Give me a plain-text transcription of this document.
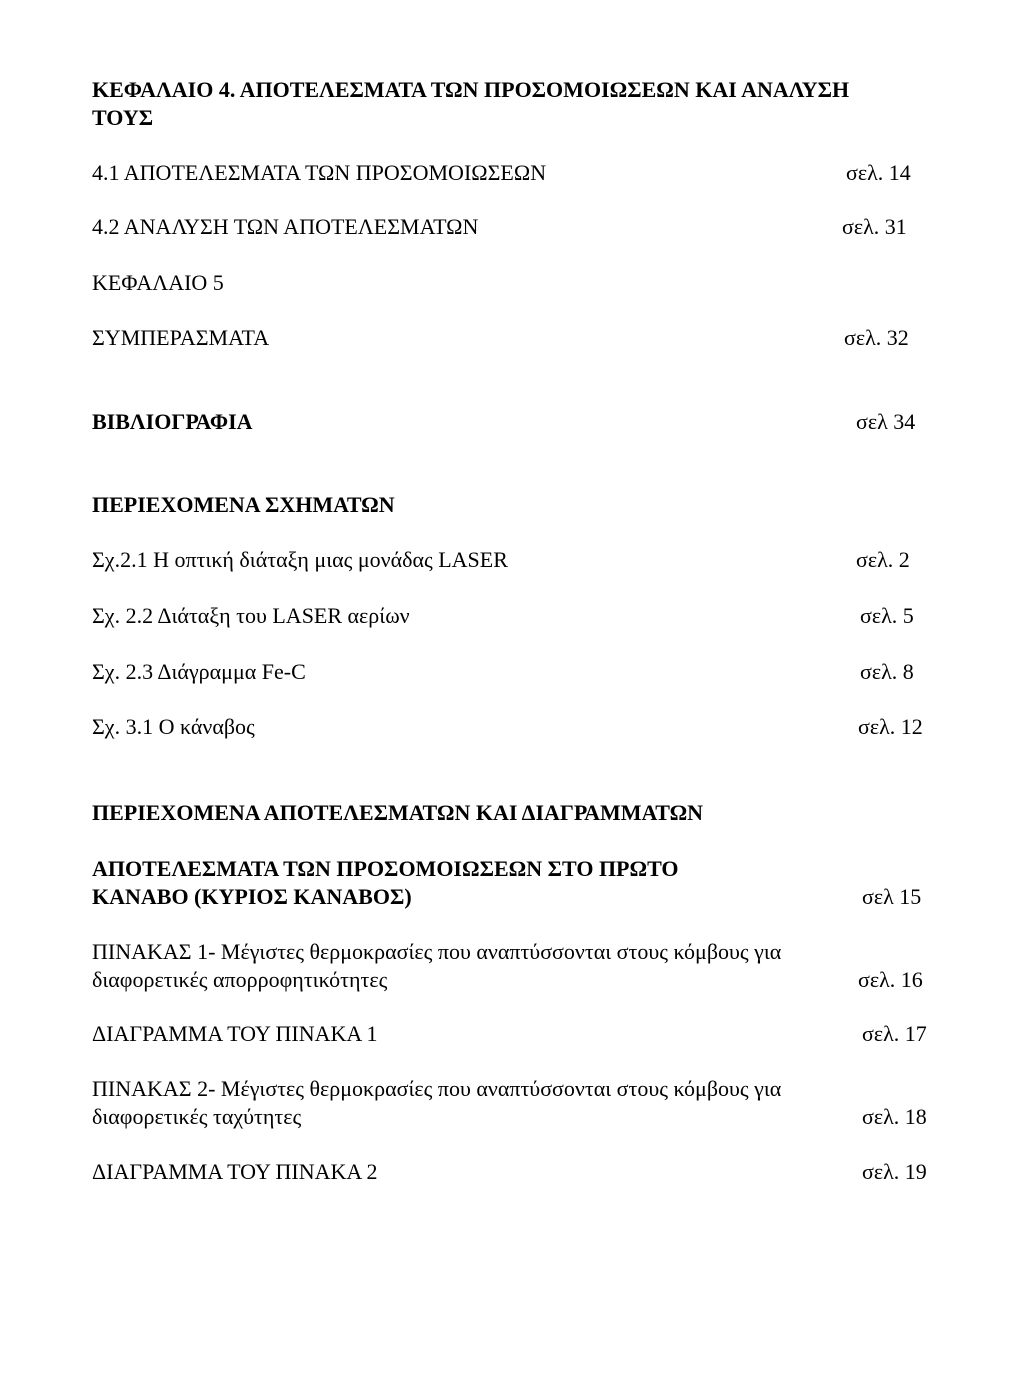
ΚΕΦΑΛΑΙΟ 4. ΑΠΟΤΕΛΕΣΜΑΤΑ ΤΩΝ ΠΡΟΣΟΜΟΙΩΣΕΩΝ ΚΑΙ ΑΝΑΛΥΣΗ
ΤΟΥΣ
4.1 ΑΠΟΤΕΛΕΣΜΑΤΑ ΤΩΝ ΠΡΟΣΟΜΟΙΩΣΕΩΝ	σελ. 14
4.2 ΑΝΑΛΥΣΗ ΤΩΝ ΑΠΟΤΕΛΕΣΜΑΤΩΝ	σελ. 31
ΚΕΦΑΛΑΙΟ 5
ΣΥΜΠΕΡΑΣΜΑΤΑ	σελ. 32
ΒΙΒΛΙΟΓΡΑΦΙΑ	σελ 34
ΠΕΡΙΕΧΟΜΕΝΑ ΣΧΗΜΑΤΩΝ
Σχ.2.1 Η οπτική διάταξη μιας μονάδας LASER	σελ. 2
Σχ. 2.2 Διάταξη του LASER αερίων	σελ. 5
Σχ. 2.3 Διάγραμμα Fe-C	σελ. 8
Σχ. 3.1 Ο κάναβος	σελ. 12
ΠΕΡΙΕΧΟΜΕΝΑ ΑΠΟΤΕΛΕΣΜΑΤΩΝ ΚΑΙ ΔΙΑΓΡΑΜΜΑΤΩΝ
ΑΠΟΤΕΛΕΣΜΑΤΑ ΤΩΝ ΠΡΟΣΟΜΟΙΩΣΕΩΝ ΣΤΟ ΠΡΩΤΟ
ΚΑΝΑΒΟ (ΚΥΡΙΟΣ ΚΑΝΑΒΟΣ)	σελ 15
ΠΙΝΑΚΑΣ 1- Μέγιστες θερμοκρασίες που αναπτύσσονται στους κόμβους για
διαφορετικές απορροφητικότητες	σελ. 16
ΔΙΑΓΡΑΜΜΑ ΤΟΥ ΠΙΝΑΚΑ 1	σελ. 17
ΠΙΝΑΚΑΣ 2- Μέγιστες θερμοκρασίες που αναπτύσσονται στους κόμβους για
διαφορετικές ταχύτητες	σελ. 18
ΔΙΑΓΡΑΜΜΑ ΤΟΥ ΠΙΝΑΚΑ 2	σελ. 19
